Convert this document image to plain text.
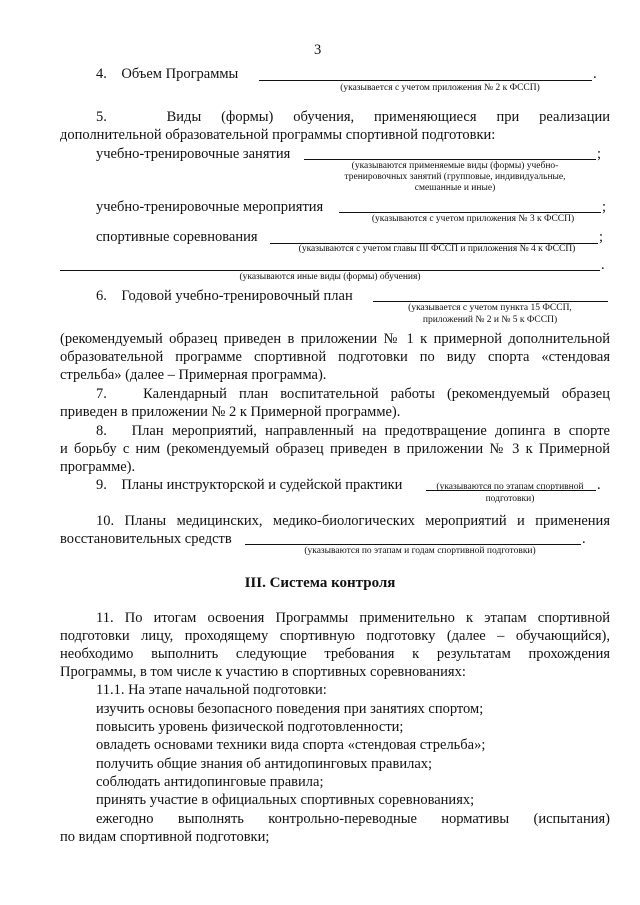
3
4.    Объем Программы	.
(указывается с учетом приложения № 2 к ФССП)
5.   Виды (формы) обучения, применяющиеся при реализации
дополнительной образовательной программы спортивной подготовки:
учебно-тренировочные занятия	;
(указываются применяемые виды (формы) учебно-
тренировочных занятий (групповые, индивидуальные,
смешанные и иные)
учебно-тренировочные мероприятия	;
(указываются с учетом приложения № 3 к ФССП)
спортивные соревнования	;
(указываются с учетом главы III ФССП и приложения № 4 к ФССП)
.
(указываются иные виды (формы) обучения)
6.    Годовой учебно-тренировочный план
(указывается с учетом пункта 15 ФССП,
приложений № 2 и № 5 к ФССП)
(рекомендуемый образец приведен в приложении № 1 к примерной дополнительной
образовательной программе спортивной подготовки по виду спорта «стендовая
стрельба» (далее – Примерная программа).
7.   Календарный план воспитательной работы (рекомендуемый образец
приведен в приложении № 2 к Примерной программе).
8.   План мероприятий, направленный на предотвращение допинга в спорте
и борьбу с ним (рекомендуемый образец приведен в приложении № 3 к Примерной
программе).
9.    Планы инструкторской и судейской практики	.
(указываются по этапам спортивной
подготовки)
10. Планы медицинских, медико-биологических мероприятий и применения
восстановительных средств	.
(указываются по этапам и годам спортивной подготовки)
III. Система контроля
11. По итогам освоения Программы применительно к этапам спортивной
подготовки лицу, проходящему спортивную подготовку (далее – обучающийся),
необходимо выполнить следующие требования к результатам прохождения
Программы, в том числе к участию в спортивных соревнованиях:
11.1. На этапе начальной подготовки:
изучить основы безопасного поведения при занятиях спортом;
повысить уровень физической подготовленности;
овладеть основами техники вида спорта «стендовая стрельба»;
получить общие знания об антидопинговых правилах;
соблюдать антидопинговые правила;
принять участие в официальных спортивных соревнованиях;
ежегодно выполнять контрольно-переводные нормативы (испытания)
по видам спортивной подготовки;
